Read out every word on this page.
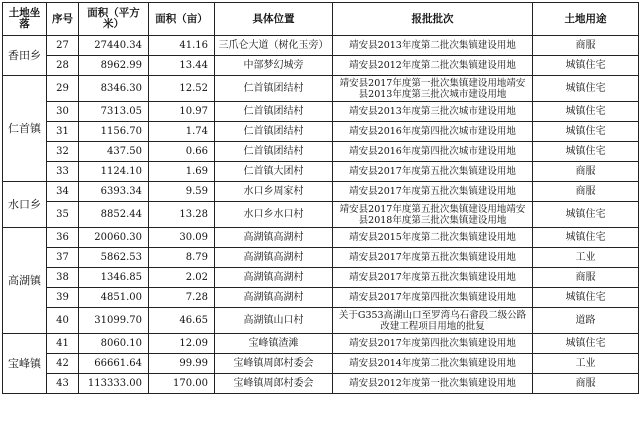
土地坐落	序号	面积（平方米）	面积（亩）	具体位置	报批批次	土地用途
香田乡	27	27440.34	41.16	三爪仑大道（树化玉旁）	靖安县2013年度第二批次集镇建设用地	商服
	28	8962.99	13.44	中部梦幻城旁	靖安县2012年度第二批次集镇建设用地	城镇住宅
仁首镇	29	8346.30	12.52	仁首镇团结村	靖安县2017年度第一批次集镇建设用地靖安县2013年度第三批次城市建设用地	城镇住宅
	30	7313.05	10.97	仁首镇团结村	靖安县2013年度第三批次城市建设用地	城镇住宅
	31	1156.70	1.74	仁首镇团结村	靖安县2016年度第四批次城市建设用地	城镇住宅
	32	437.50	0.66	仁首镇团结村	靖安县2016年度第四批次城市建设用地	城镇住宅
	33	1124.10	1.69	仁首镇大团村	靖安县2017年度第五批次集镇建设用地	商服
水口乡	34	6393.34	9.59	水口乡周家村	靖安县2017年度第五批次集镇建设用地	商服
	35	8852.44	13.28	水口乡水口村	靖安县2017年度第五批次集镇建设用地靖安县2018年度第三批次集镇建设用地	城镇住宅
高湖镇	36	20060.30	30.09	高湖镇高湖村	靖安县2015年度第二批次集镇建设用地	城镇住宅
	37	5862.53	8.79	高湖镇高湖村	靖安县2017年度第五批次集镇建设用地	工业
	38	1346.85	2.02	高湖镇高湖村	靖安县2017年度第五批次集镇建设用地	商服
	39	4851.00	7.28	高湖镇高湖村	靖安县2017年度第四批次集镇建设用地	城镇住宅
	40	31099.70	46.65	高湖镇山口村	关于G353高湖山口至罗湾乌石畲段二级公路改建工程项目用地的批复	道路
宝峰镇	41	8060.10	12.09	宝峰镇渣滩	靖安县2017年度第四批次集镇建设用地	城镇住宅
	42	66661.64	99.99	宝峰镇周郎村委会	靖安县2014年度第二批次集镇建设用地	工业
	43	113333.00	170.00	宝峰镇周郎村委会	靖安县2012年度第一批次集镇建设用地	商服
